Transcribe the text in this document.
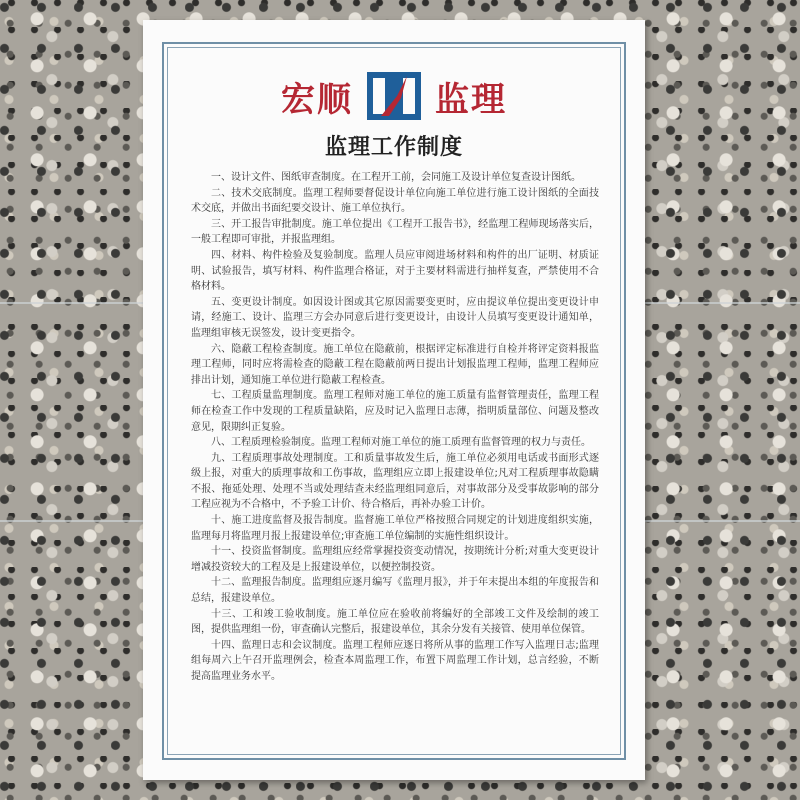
宏顺 监理
监理工作制度

一、设计文件、图纸审查制度。在工程开工前，会同施工及设计单位复查设计图纸。

二、技术交底制度。监理工程师要督促设计单位向施工单位进行施工设计图纸的全面技术交底，并做出书面纪要交设计、施工单位执行。

三、开工报告审批制度。施工单位提出《工程开工报告书》，经监理工程师现场落实后，一般工程即可审批，并报监理组。

四、材料、构件检验及复验制度。监理人员应审阅进场材料和构件的出厂证明、材质证明、试验报告，填写材料、构件监理合格证，对于主要材料需进行抽样复查，严禁使用不合格材料。

五、变更设计制度。如因设计图或其它原因需要变更时，应由提议单位提出变更设计申请，经施工、设计、监理三方会办同意后进行变更设计，由设计人员填写变更设计通知单，监理组审核无误签发，设计变更指令。

六、隐蔽工程检查制度。施工单位在隐蔽前，根据评定标准进行自检并将评定资料报监理工程师，同时应将需检查的隐蔽工程在隐蔽前两日提出计划报监理工程师，监理工程师应排出计划，通知施工单位进行隐蔽工程检查。

七、工程质量监理制度。监理工程师对施工单位的施工质量有监督管理责任，监理工程师在检查工作中发现的工程质量缺陷，应及时记入监理日志薄，指明质量部位、问题及整改意见，限期纠正复验。

八、工程质理检验制度。监理工程师对施工单位的施工质理有监督管理的权力与责任。

九、工程质理事故处理制度。工和质量事故发生后，施工单位必须用电话或书面形式逐级上报，对重大的质理事故和工伤事故，监理组应立即上报建设单位;凡对工程质理事故隐瞒不报、拖延处理、处理不当或处理结查未经监理组同意后，对事故部分及受事故影响的部分工程应视为不合格中，不予验工计价、待合格后，再补办验工计价。

十、施工进度监督及报告制度。监督施工单位严格按照合同规定的计划进度组织实施，监理每月将监理月报上报建设单位;审查施工单位编制的实施性组织设计。

十一、投资监督制度。监理组应经常掌握投资变动情况，按期统计分析;对重大变更设计增减投资较大的工程及是上报建设单位，以便控制投资。

十二、监理报告制度。监理组应逐月编写《监理月报》，并于年末提出本组的年度报告和总结，报建设单位。

十三、工和竣工验收制度。施工单位应在验收前将编好的全部竣工文件及绘制的竣工图，提供监理组一份，审查确认完整后，报建设单位，其余分发有关接管、使用单位保管。

十四、监理日志和会议制度。监理工程师应逐日将所从事的监理工作写入监理日志;监理组每周六上午召开监理例会，检查本周监理工作，布置下周监理工作计划，总言经验，不断提高监理业务水平。
